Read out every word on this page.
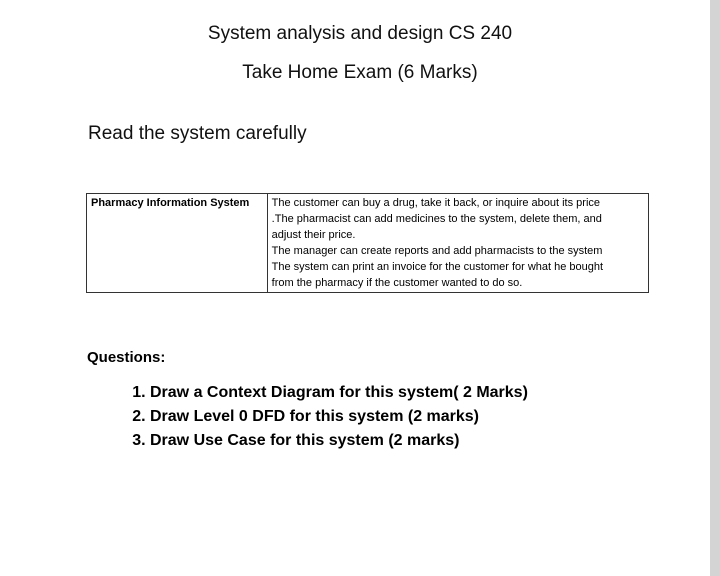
System analysis and design CS 240
Take Home Exam (6 Marks)
Read the system carefully
Pharmacy Information System	The customer can buy a drug, take it back, or inquire about its price
.The pharmacist can add medicines to the system, delete them, and
adjust their price.
The manager can create reports and add pharmacists to the system
The system can print an invoice for the customer for what he bought
from the pharmacy if the customer wanted to do so.
Questions:
1. Draw a Context Diagram for this system( 2 Marks)
2. Draw Level 0 DFD for this system (2 marks)
3. Draw Use Case for this system (2 marks)
